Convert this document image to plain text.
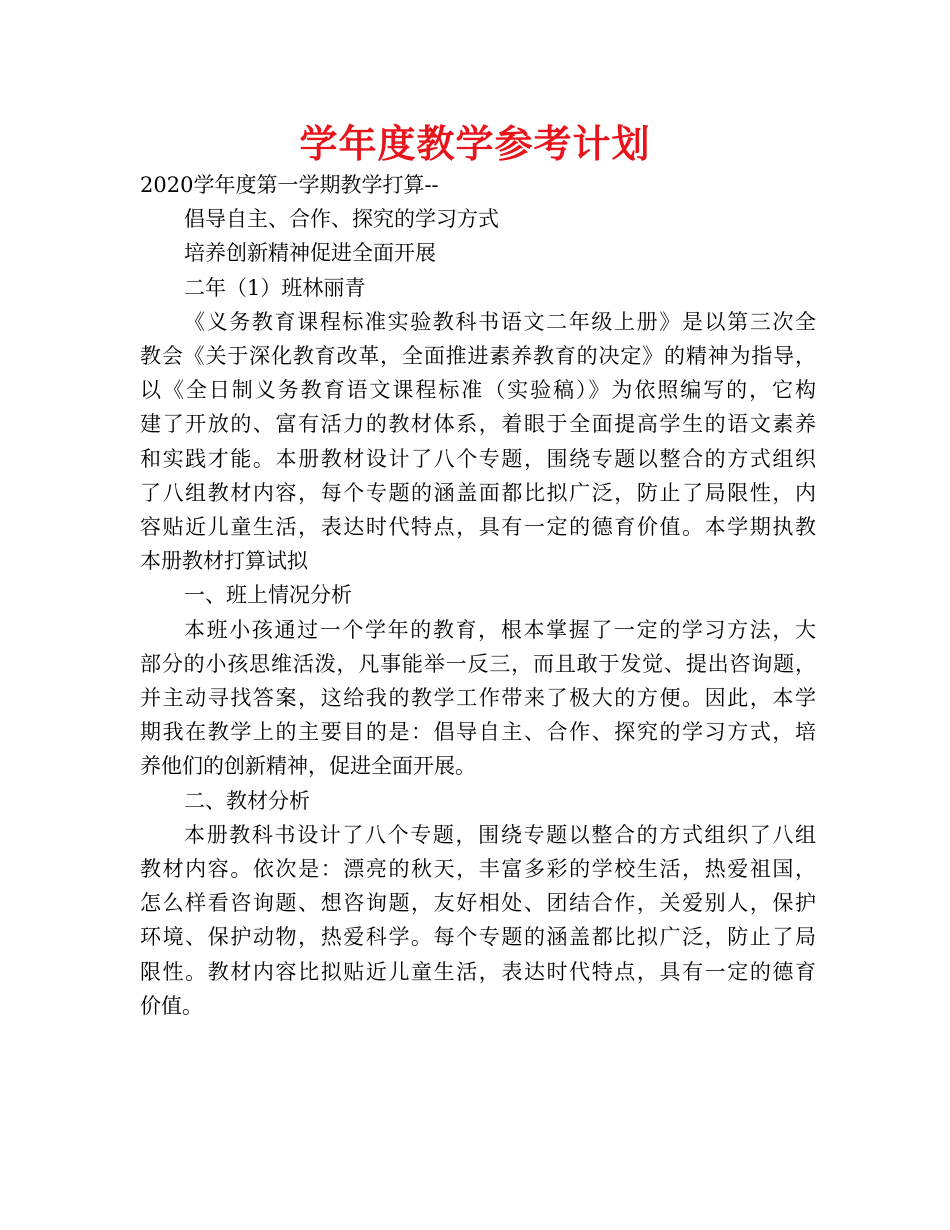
学年度教学参考计划
2020学年度第一学期教学打算--
倡导自主、合作、探究的学习方式
培养创新精神促进全面开展
二年（1）班林丽青
《义务教育课程标准实验教科书语文二年级上册》是以第三次全
教会《关于深化教育改革，全面推进素养教育的决定》的精神为指导，
以《全日制义务教育语文课程标准（实验稿）》为依照编写的，它构
建了开放的、富有活力的教材体系，着眼于全面提高学生的语文素养
和实践才能。本册教材设计了八个专题，围绕专题以整合的方式组织
了八组教材内容，每个专题的涵盖面都比拟广泛，防止了局限性，内
容贴近儿童生活，表达时代特点，具有一定的德育价值。本学期执教
本册教材打算试拟
一、班上情况分析
本班小孩通过一个学年的教育，根本掌握了一定的学习方法，大
部分的小孩思维活泼，凡事能举一反三，而且敢于发觉、提出咨询题，
并主动寻找答案，这给我的教学工作带来了极大的方便。因此，本学
期我在教学上的主要目的是：倡导自主、合作、探究的学习方式，培
养他们的创新精神，促进全面开展。
二、教材分析
本册教科书设计了八个专题，围绕专题以整合的方式组织了八组
教材内容。依次是：漂亮的秋天，丰富多彩的学校生活，热爱祖国，
怎么样看咨询题、想咨询题，友好相处、团结合作，关爱别人，保护
环境、保护动物，热爱科学。每个专题的涵盖都比拟广泛，防止了局
限性。教材内容比拟贴近儿童生活，表达时代特点，具有一定的德育
价值。
